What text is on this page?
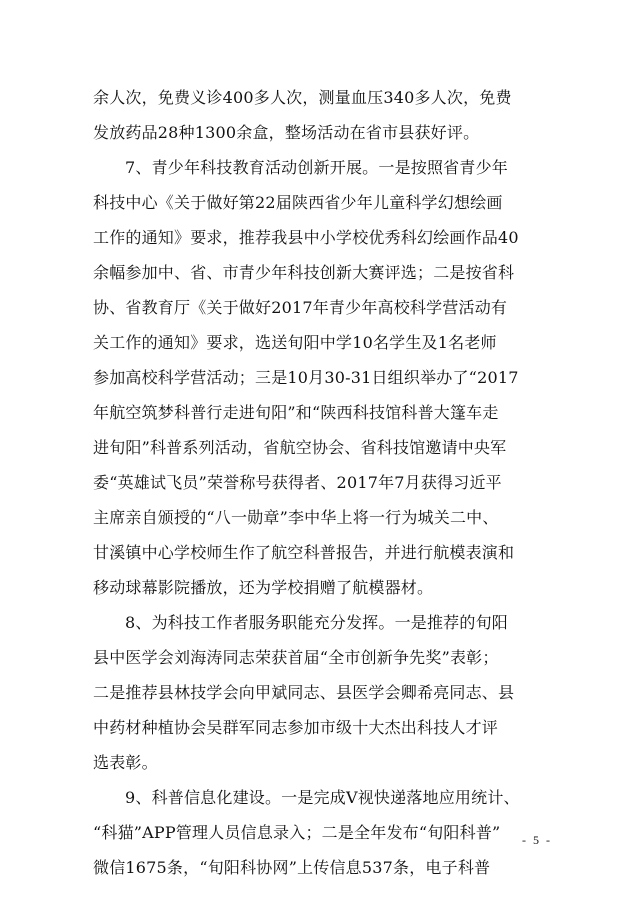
余人次，免费义诊400多人次，测量血压340多人次，免费
发放药品28种1300余盒，整场活动在省市县获好评。
7、青少年科技教育活动创新开展。一是按照省青少年
科技中心《关于做好第22届陕西省少年儿童科学幻想绘画
工作的通知》要求，推荐我县中小学校优秀科幻绘画作品40
余幅参加中、省、市青少年科技创新大赛评选；二是按省科
协、省教育厅《关于做好2017年青少年高校科学营活动有
关工作的通知》要求，选送旬阳中学10名学生及1名老师
参加高校科学营活动；三是10月30-31日组织举办了“2017
年航空筑梦科普行走进旬阳”和“陕西科技馆科普大篷车走
进旬阳”科普系列活动，省航空协会、省科技馆邀请中央军
委“英雄试飞员”荣誉称号获得者、2017年7月获得习近平
主席亲自颁授的“八一勋章”李中华上将一行为城关二中、
甘溪镇中心学校师生作了航空科普报告，并进行航模表演和
移动球幕影院播放，还为学校捐赠了航模器材。
8、为科技工作者服务职能充分发挥。一是推荐的旬阳
县中医学会刘海涛同志荣获首届“全市创新争先奖”表彰；
二是推荐县林技学会向甲斌同志、县医学会卿希亮同志、县
中药材种植协会吴群军同志参加市级十大杰出科技人才评
选表彰。
9、科普信息化建设。一是完成V视快递落地应用统计、
“科猫”APP管理人员信息录入；二是全年发布“旬阳科普”
微信1675条，“旬阳科协网”上传信息537条，电子科普
- 5 -
